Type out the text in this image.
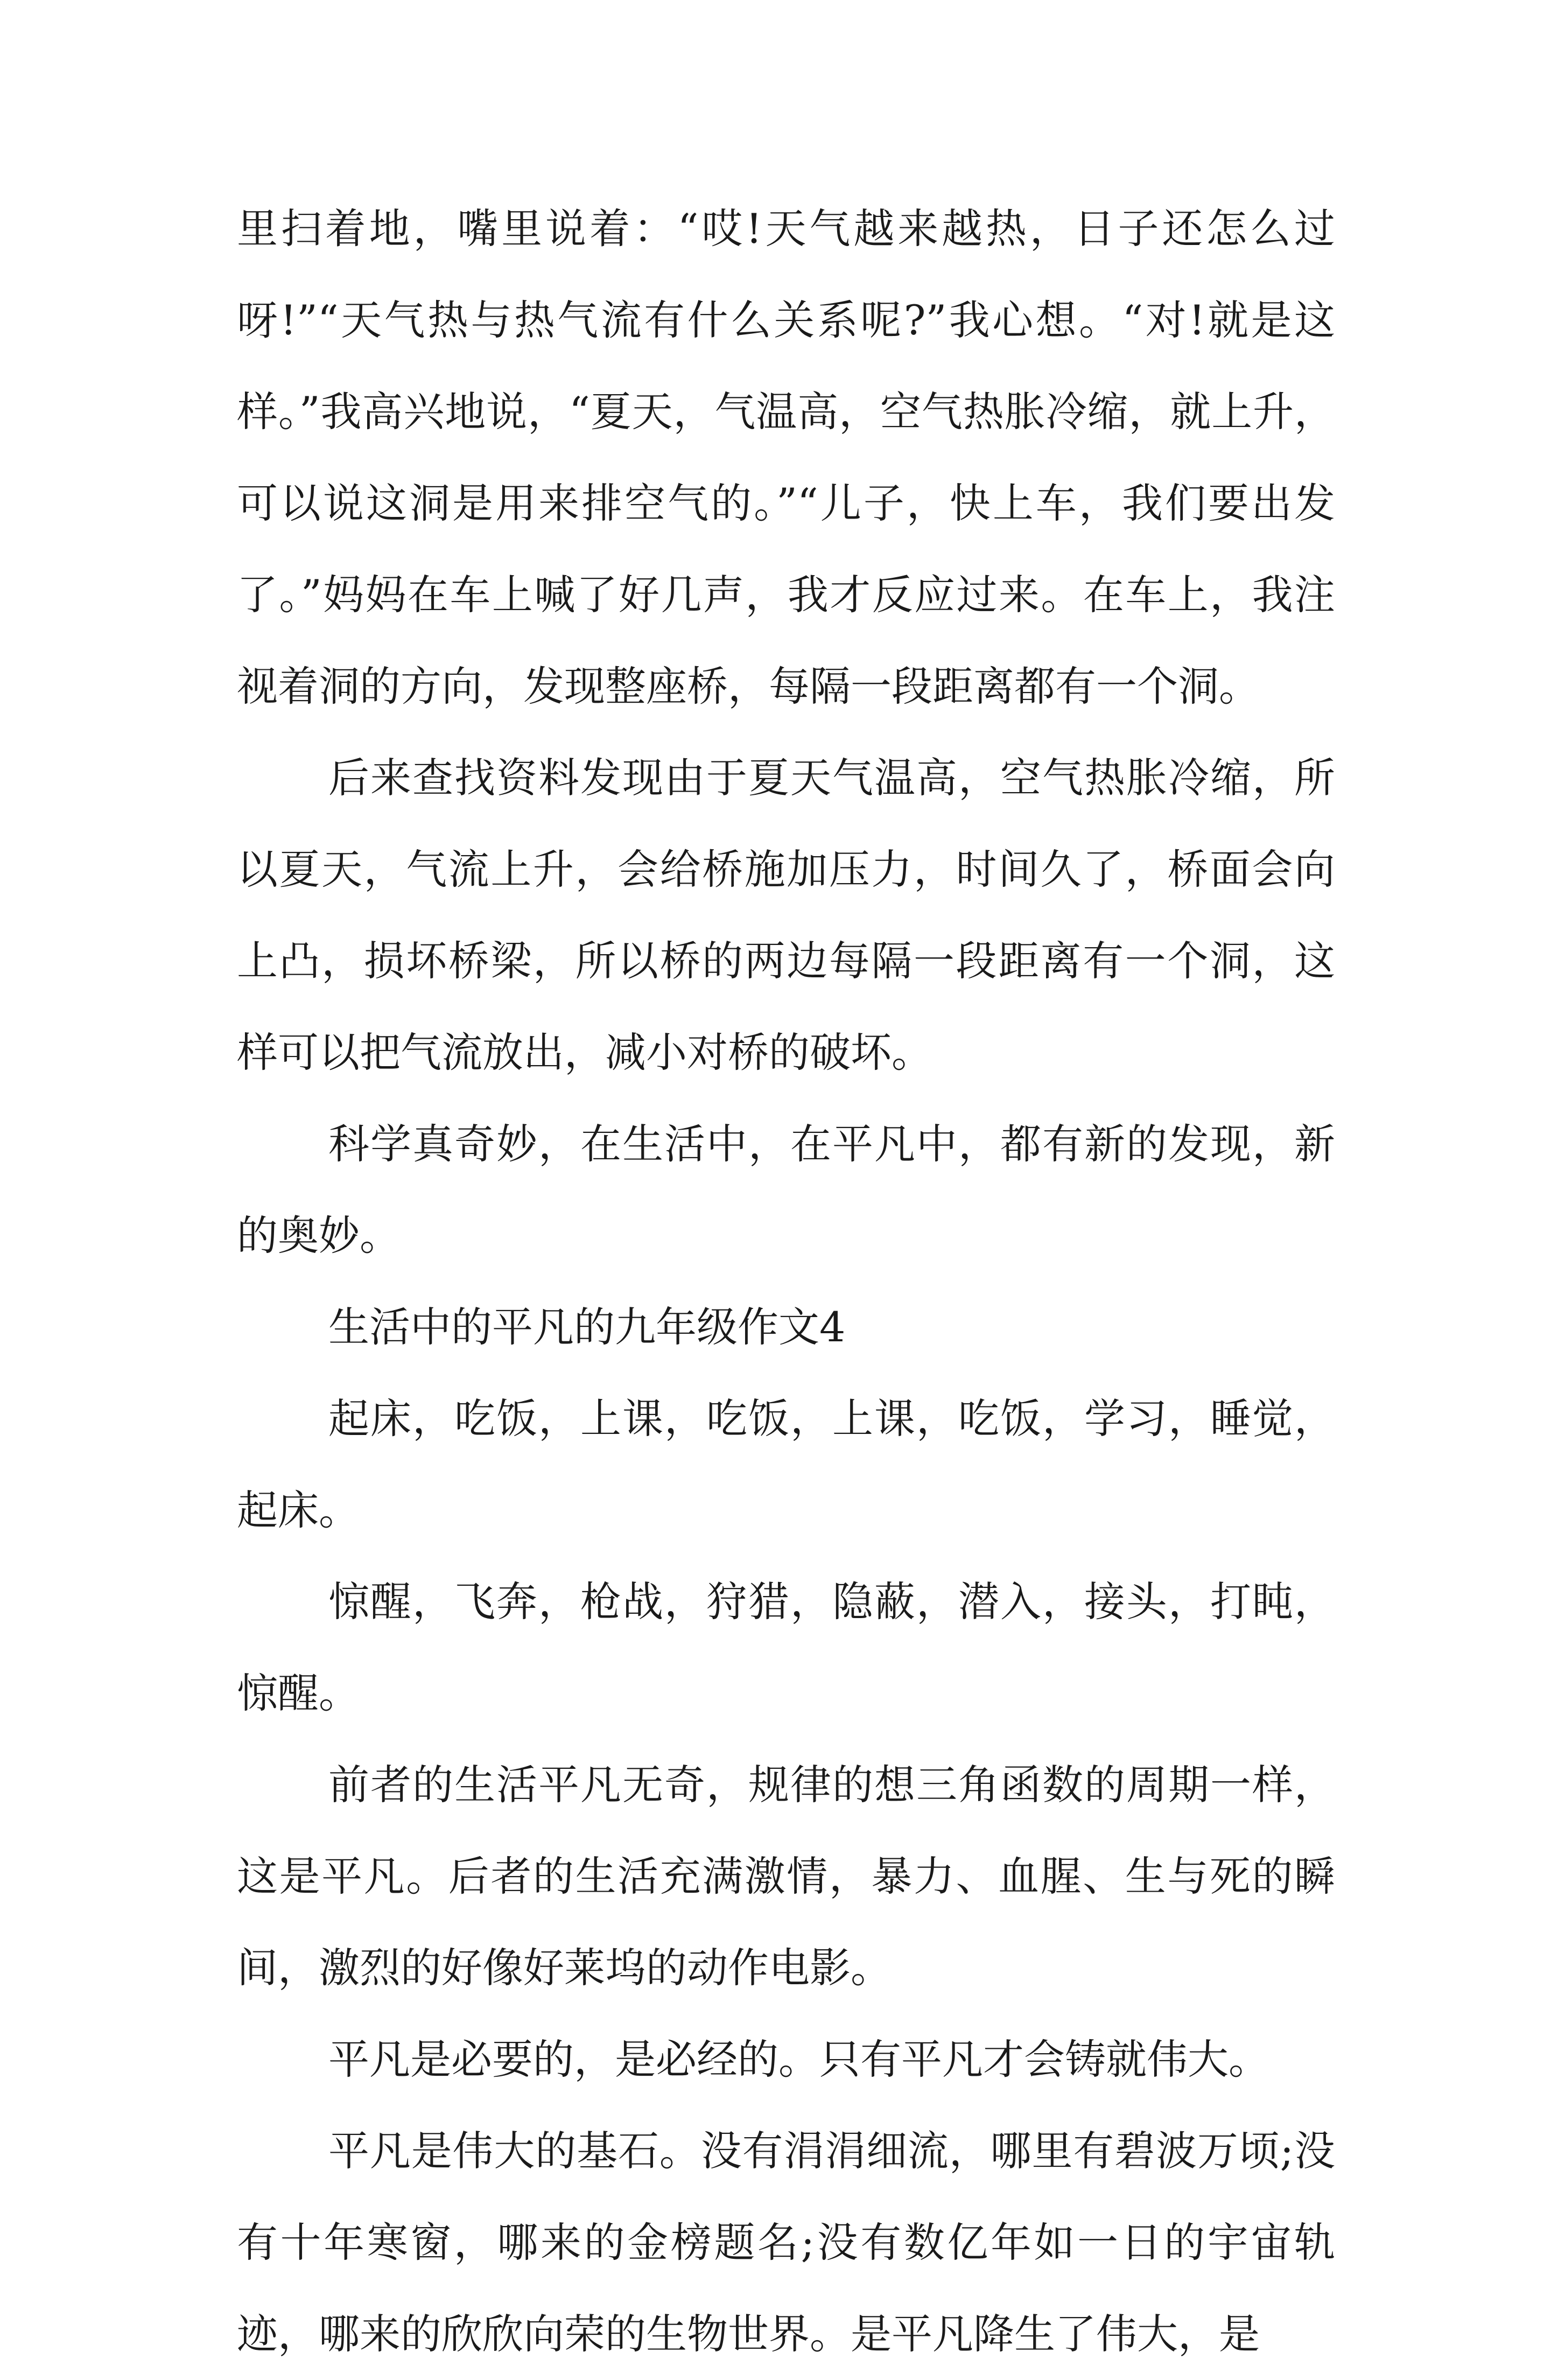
里扫着地，嘴里说着：“哎!天气越来越热，日子还怎么过呀!”“天气热与热气流有什么关系呢?”我心想。“对!就是这样。”我高兴地说，“夏天，气温高，空气热胀冷缩，就上升，可以说这洞是用来排空气的。”“儿子，快上车，我们要出发了。”妈妈在车上喊了好几声，我才反应过来。在车上，我注视着洞的方向，发现整座桥，每隔一段距离都有一个洞。

后来查找资料发现由于夏天气温高，空气热胀冷缩，所以夏天，气流上升，会给桥施加压力，时间久了，桥面会向上凸，损坏桥梁，所以桥的两边每隔一段距离有一个洞，这样可以把气流放出，减小对桥的破坏。

科学真奇妙，在生活中，在平凡中，都有新的发现，新的奥妙。

生活中的平凡的九年级作文4

起床，吃饭，上课，吃饭，上课，吃饭，学习，睡觉，起床。

惊醒，飞奔，枪战，狩猎，隐蔽，潜入，接头，打盹，惊醒。

前者的生活平凡无奇，规律的想三角函数的周期一样，这是平凡。后者的生活充满激情，暴力、血腥、生与死的瞬间，激烈的好像好莱坞的动作电影。

平凡是必要的，是必经的。只有平凡才会铸就伟大。

平凡是伟大的基石。没有涓涓细流，哪里有碧波万顷;没有十年寒窗，哪来的金榜题名;没有数亿年如一日的宇宙轨迹，哪来的欣欣向荣的生物世界。是平凡降生了伟大，是
